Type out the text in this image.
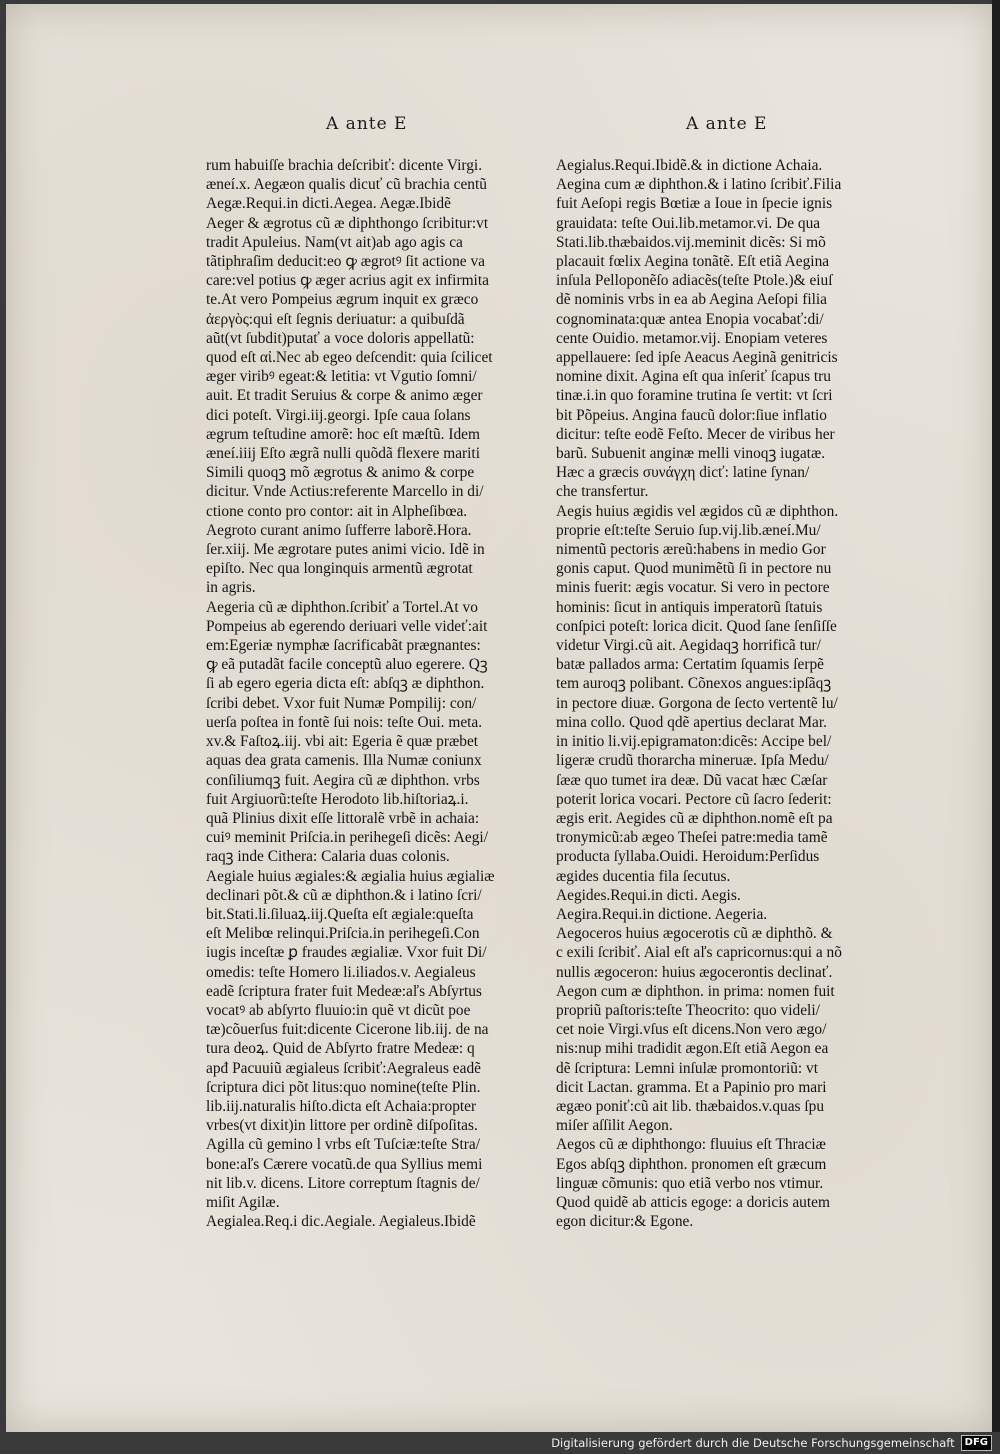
A ante E	A ante E
rum habuiſſe brachia deſcribiť: dicente Virgi.
æneí.x. Aegæon qualis dicuť cũ brachia centũ
Aegæ.Requi.in dicti.Aegea. Aegæ.Ibidẽ
Aeger & ægrotus cũ æ diphthongo ſcribitur:vt
tradit Apuleius. Nam(vt ait)ab ago agis ca
tãtiphraſim deducit:eo ꝙ ægrotꝰ ſit actione va
care:vel potius ꝙ æger acrius agit ex infirmita
te.At vero Pompeius ægrum inquit ex græco
ἀεργὸς:qui eſt ſegnis deriuatur: a quibuſdã
aũt(vt ſubdit)putať a voce doloris appellatũ:
quod eſt αἰ.Nec ab egeo deſcendit: quia ſcilicet
æger viribꝰ egeat:& letitia: vt Vgutio ſomni/
auit. Et tradit Seruius & corpe & animo æger
dici poteſt. Virgi.iij.georgi. Ipſe caua ſolans
ægrum teſtudine amorẽ: hoc eſt mæſtũ. Idem
æneí.iiij Eſto ægrã nulli quõdã flexere mariti
Simili quoqꝫ mõ ægrotus & animo & corpe
dicitur. Vnde Actius:referente Marcello in di/
ctione conto pro contor: ait in Alpheſibœa.
Aegroto curant animo ſufferre laborẽ.Hora.
ſer.xiij. Me ægrotare putes animi vicio. Idẽ in
epiſto. Nec qua longinquis armentũ ægrotat
in agris.
Aegeria cũ æ diphthon.ſcribiť a Tortel.At vo
Pompeius ab egerendo deriuari velle videť:ait
em:Egeriæ nymphæ ſacrificabãt prægnantes:
ꝙ eã putadãt facile conceptũ aluo egerere. Qꝫ
ſi ab egero egeria dicta eſt: abſqꝫ æ diphthon.
ſcribi debet. Vxor fuit Numæ Pompilij: con/
uerſa poſtea in fontẽ ſui nois: teſte Oui. meta.
xv.& Faſtoꝝ.iij. vbi ait: Egeria ẽ quæ præbet
aquas dea grata camenis. Illa Numæ coniunx
conſiliumqꝫ fuit. Aegira cũ æ diphthon. vrbs
fuit Argiuorũ:teſte Herodoto lib.hiſtoriaꝝ.i.
quã Plinius dixit eſſe littoralẽ vrbẽ in achaia:
cuiꝰ meminit Priſcia.in perihegeſi dicẽs: Aegi/
raqꝫ inde Cithera: Calaria duas colonis.
Aegiale huius ægiales:& ægialia huius ægialiæ
declinari põt.& cũ æ diphthon.& i latino ſcri/
bit.Stati.li.ſiluaꝝ.iij.Queſta eſt ægiale:queſta
eſt Melibœ relinqui.Priſcia.in perihegeſi.Con
iugis inceſtæ ꝑ fraudes ægialiæ. Vxor fuit Di/
omedis: teſte Homero li.iliados.v. Aegialeus
eadẽ ſcriptura frater fuit Medeæ:aľs Abſyrtus
vocatꝰ ab abſyrto fluuio:in quẽ vt dicũt poe
tæ)cõuerſus fuit:dicente Cicerone lib.iij. de na
tura deoꝝ. Quid de Abſyrto fratre Medeæ: q
apđ Pacuuiũ ægialeus ſcribiť:Aegraleus eadẽ
ſcriptura dici põt litus:quo nomine(teſte Plin.
lib.iij.naturalis hiſto.dicta eſt Achaia:propter
vrbes(vt dixit)in littore per ordinẽ diſpoſitas.
Agilla cũ gemino l vrbs eſt Tuſciæ:teſte Stra/
bone:aľs Cærere vocatũ.de qua Syllius memi
nit lib.v. dicens. Litore correptum ſtagnis de/
miſit Agilæ.
Aegialea.Req.i dic.Aegiale. Aegialeus.Ibidẽ
Aegialus.Requi.Ibidẽ.& in dictione Achaia.
Aegina cum æ diphthon.& i latino ſcribiť.Filia
fuit Aeſopi regis Bœtiæ a Ioue in ſpecie ignis
grauidata: teſte Oui.lib.metamor.vi. De qua
Stati.lib.thæbaidos.vij.meminit dicẽs: Si mõ
placauit fœlix Aegina tonãtẽ. Eſt etiã Aegina
inſula Pelloponẽſo adiacẽs(teſte Ptole.)& eiuſ
dẽ nominis vrbs in ea ab Aegina Aeſopi filia
cognominata:quæ antea Enopia vocabať:di/
cente Ouidio. metamor.vij. Enopiam veteres
appellauere: ſed ipſe Aeacus Aeginã genitricis
nomine dixit. Agina eſt qua inſeriť ſcapus tru
tinæ.i.in quo foramine trutina ſe vertit: vt ſcri
bit Põpeius. Angina faucũ dolor:ſiue inflatio
dicitur: teſte eodẽ Feſto. Mecer de viribus her
barũ. Subuenit anginæ melli vinoqꝫ iugatæ.
Hæc a græcis συνάγχη dicť: latine ſynan/
che transfertur.
Aegis huius ægidis vel ægidos cũ æ diphthon.
proprie eſt:teſte Seruio ſup.vij.lib.æneí.Mu/
nimentũ pectoris æreũ:habens in medio Gor
gonis caput. Quod munimẽtũ ſi in pectore nu
minis fuerit: ægis vocatur. Si vero in pectore
hominis: ſicut in antiquis imperatorũ ſtatuis
conſpici poteſt: lorica dicit. Quod ſane ſenſiſſe
videtur Virgi.cũ ait. Aegidaqꝫ horrificã tur/
batæ pallados arma: Certatim ſquamis ſerpẽ
tem auroqꝫ polibant. Cõnexos angues:ipſãqꝫ
in pectore diuæ. Gorgona de ſecto vertentẽ lu/
mina collo. Quod qdẽ apertius declarat Mar.
in initio li.vij.epigramaton:dicẽs: Accipe bel/
ligeræ crudũ thorarcha mineruæ. Ipſa Medu/
ſææ quo tumet ira deæ. Dũ vacat hæc Cæſar
poterit lorica vocari. Pectore cũ ſacro ſederit:
ægis erit. Aegides cũ æ diphthon.nomẽ eſt pa
tronymicũ:ab ægeo Theſei patre:media tamẽ
producta ſyllaba.Ouidi. Heroidum:Perſidus
ægides ducentia fila ſecutus.
Aegides.Requi.in dicti. Aegis.
Aegira.Requi.in dictione. Aegeria.
Aegoceros huius ægocerotis cũ æ diphthõ. &
c exili ſcribiť. Aial eſt aľs capricornus:qui a nõ
nullis ægoceron: huius ægocerontis declinať.
Aegon cum æ diphthon. in prima: nomen fuit
propriũ paſtoris:teſte Theocrito: quo videli/
cet noie Virgi.vſus eſt dicens.Non vero ægo/
nis:nup mihi tradidit ægon.Eſt etiã Aegon ea
dẽ ſcriptura: Lemni inſulæ promontoriũ: vt
dicit Lactan. gramma. Et a Papinio pro mari
ægæo poniť:cũ ait lib. thæbaidos.v.quas ſpu
miſer aſſilit Aegon.
Aegos cũ æ diphthongo: fluuius eſt Thraciæ
Egos abſqꝫ diphthon. pronomen eſt græcum
linguæ cõmunis: quo etiã verbo nos vtimur.
Quod quidẽ ab atticis egoge: a doricis autem
egon dicitur:& Egone.
Digitalisierung gefördert durch die Deutsche Forschungsgemeinschaft	DFG
